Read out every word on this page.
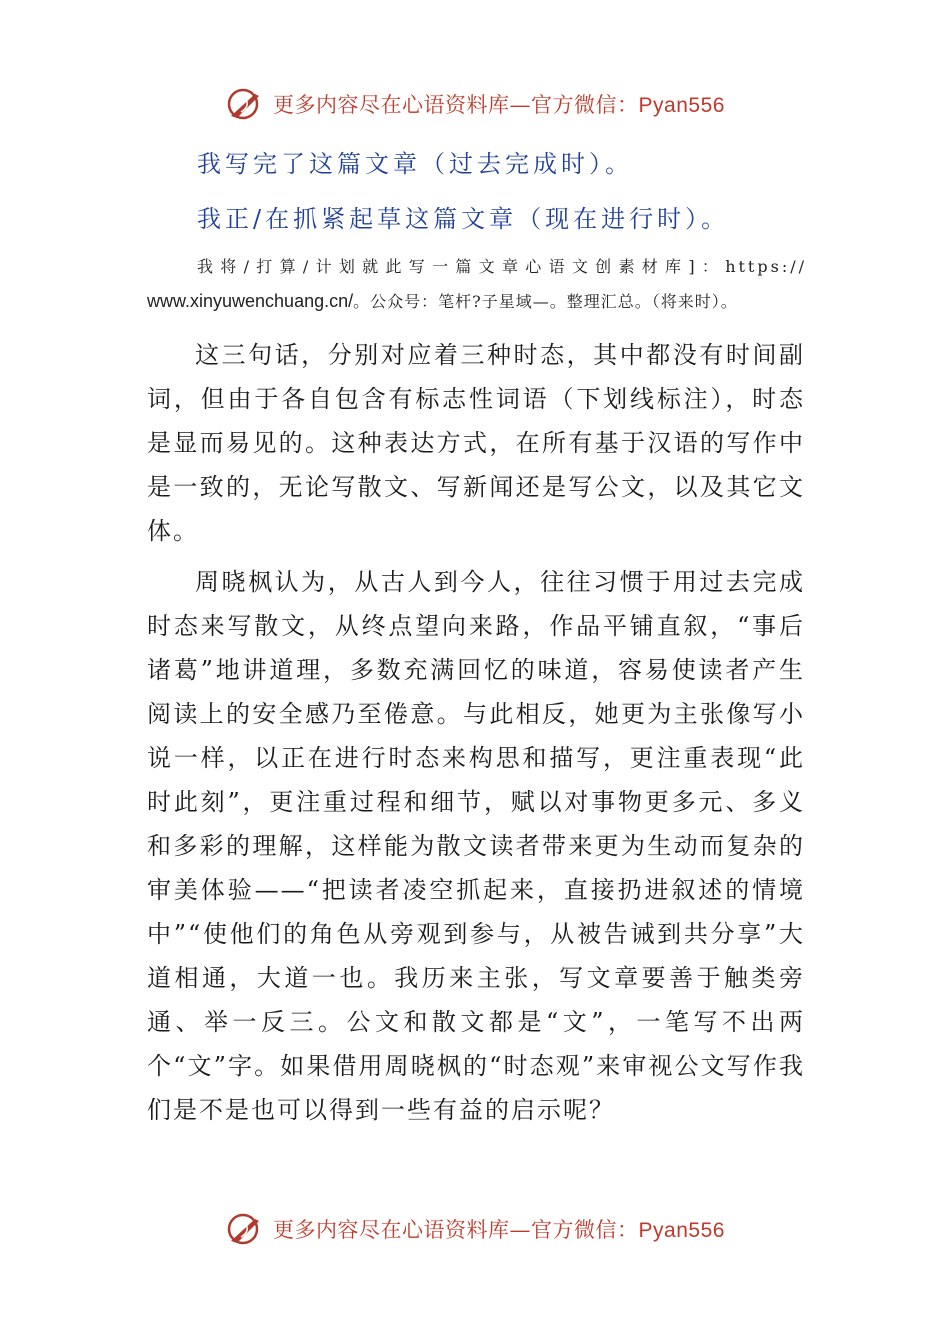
更多内容尽在心语资料库—官方微信：Pyan556
我写完了这篇文章（过去完成时）。
我正/在抓紧起草这篇文章（现在进行时）。
我将/打算/计划就此写一篇文章心语文创素材库]：https://
www.xinyuwenchuang.cn/。公众号：笔杆?子星域—。整理汇总。（将来时）。

这三句话，分别对应着三种时态，其中都没有时间副词，但由于各自包含有标志性词语（下划线标注），时态是显而易见的。这种表达方式，在所有基于汉语的写作中是一致的，无论写散文、写新闻还是写公文，以及其它文体。

周晓枫认为，从古人到今人，往往习惯于用过去完成时态来写散文，从终点望向来路，作品平铺直叙，“事后诸葛”地讲道理，多数充满回忆的味道，容易使读者产生阅读上的安全感乃至倦意。与此相反，她更为主张像写小说一样，以正在进行时态来构思和描写，更注重表现“此时此刻”，更注重过程和细节，赋以对事物更多元、多义和多彩的理解，这样能为散文读者带来更为生动而复杂的审美体验——“把读者凌空抓起来，直接扔进叙述的情境中”“使他们的角色从旁观到参与，从被告诫到共分享”大道相通，大道一也。我历来主张，写文章要善于触类旁通、举一反三。公文和散文都是“文”，一笔写不出两个“文”字。如果借用周晓枫的“时态观”来审视公文写作我们是不是也可以得到一些有益的启示呢？

更多内容尽在心语资料库—官方微信：Pyan556
